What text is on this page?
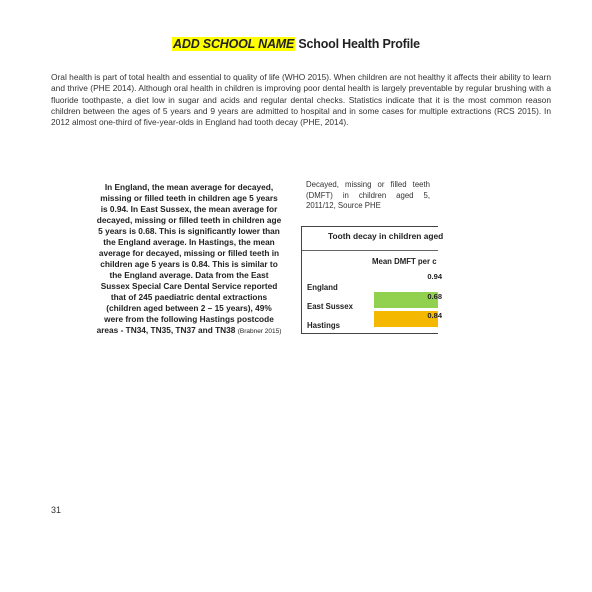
ADD SCHOOL NAME School Health Profile
Oral health is part of total health and essential to quality of life (WHO 2015). When children are not healthy it affects their ability to learn and thrive (PHE 2014). Although oral health in children is improving poor dental health is largely preventable by regular brushing with a fluoride toothpaste, a diet low in sugar and acids and regular dental checks. Statistics indicate that it is the most common reason children between the ages of 5 years and 9 years are admitted to hospital and in some cases for multiple extractions (RCS 2015). In 2012 almost one-third of five-year-olds in England had tooth decay (PHE, 2014).
In England, the mean average for decayed, missing or filled teeth in children age 5 years is 0.94. In East Sussex, the mean average for decayed, missing or filled teeth in children age 5 years is 0.68. This is significantly lower than the England average. In Hastings, the mean average for decayed, missing or filled teeth in children age 5 years is 0.84. This is similar to the England average. Data from the East Sussex Special Care Dental Service reported that of 245 paediatric dental extractions (children aged between 2 – 15 years), 49% were from the following Hastings postcode areas - TN34, TN35, TN37 and TN38 (Brabner 2015)
Decayed, missing or filled teeth (DMFT) in children aged 5, 2011/12, Source PHE
Tooth decay in children aged
Mean DMFT per c
England
0.94
East Sussex
0.68
Hastings
0.84
31
